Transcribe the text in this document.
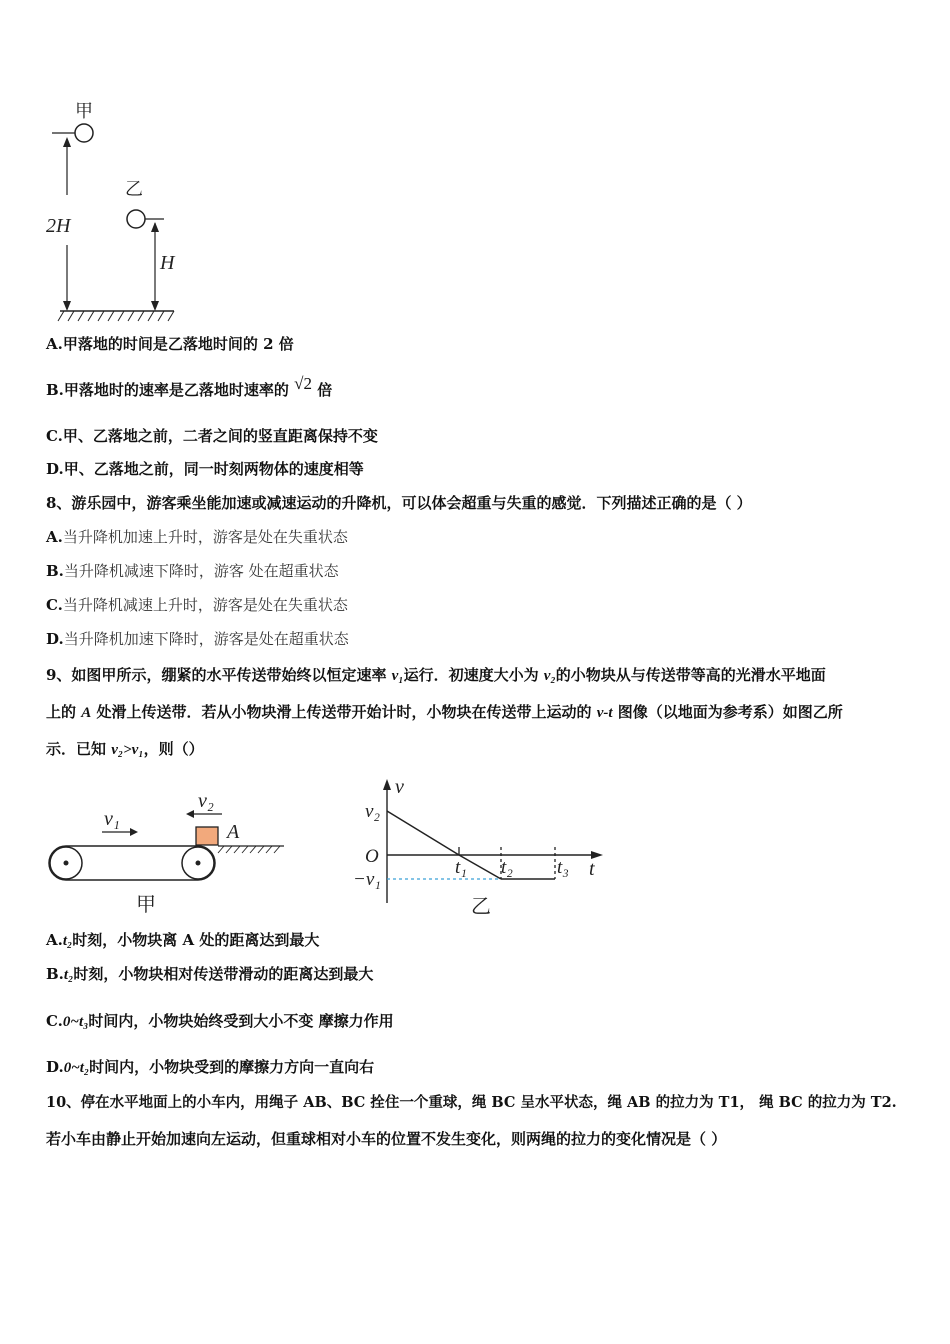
甲
2H
乙
H
A.甲落地的时间是乙落地时间的 2 倍
B.甲落地时的速率是乙落地时速率的 √2 倍
C.甲、乙落地之前，二者之间的竖直距离保持不变
D.甲、乙落地之前，同一时刻两物体的速度相等
8、游乐园中，游客乘坐能加速或减速运动的升降机，可以体会超重与失重的感觉．下列描述正确的是（ ）
A.当升降机加速上升时，游客是处在失重状态
B.当升降机减速下降时，游客 处在超重状态
C.当升降机减速上升时，游客是处在失重状态
D.当升降机加速下降时，游客是处在超重状态
9、如图甲所示，绷紧的水平传送带始终以恒定速率 v₁运行．初速度大小为 v₂的小物块从与传送带等高的光滑水平地面
上的 A 处滑上传送带．若从小物块滑上传送带开始计时，小物块在传送带上运动的 v-t 图像（以地面为参考系）如图乙所
示．已知 v₂>v₁，则（）
v₁
v₂
A
甲
v
t
v₂
O
−v₁
t₁ t₂ t₃
乙
A.t₂时刻，小物块离 A 处的距离达到最大
B.t₂时刻，小物块相对传送带滑动的距离达到最大
C.0~t₃时间内，小物块始终受到大小不变 摩擦力作用
D.0~t₂时间内，小物块受到的摩擦力方向一直向右
10、停在水平地面上的小车内，用绳子 AB、BC 拴住一个重球，绳 BC 呈水平状态，绳 AB 的拉力为 T1， 绳 BC 的拉力为 T2.
若小车由静止开始加速向左运动，但重球相对小车的位置不发生变化，则两绳的拉力的变化情况是（ ）
